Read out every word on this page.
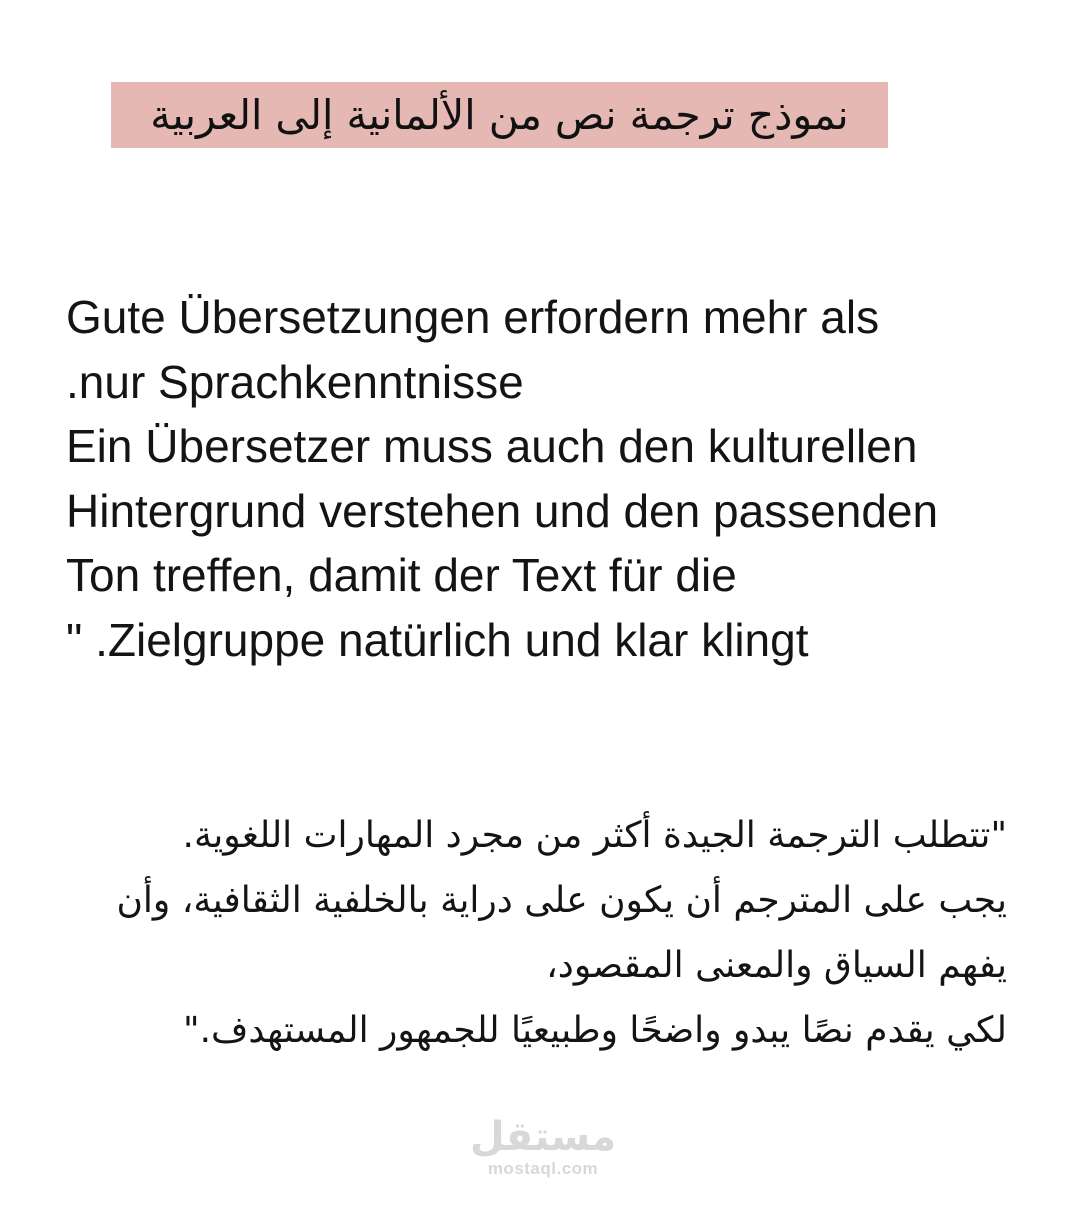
نموذج ترجمة نص من الألمانية إلى العربية
Gute Übersetzungen erfordern mehr als
.nur Sprachkenntnisse
Ein Übersetzer muss auch den kulturellen
Hintergrund verstehen und den passenden
Ton treffen, damit der Text für die
" .Zielgruppe natürlich und klar klingt
"تتطلب الترجمة الجيدة أكثر من مجرد المهارات اللغوية.
يجب على المترجم أن يكون على دراية بالخلفية الثقافية، وأن
يفهم السياق والمعنى المقصود،
لكي يقدم نصًا يبدو واضحًا وطبيعيًا للجمهور المستهدف."
مستقل
mostaql.com
